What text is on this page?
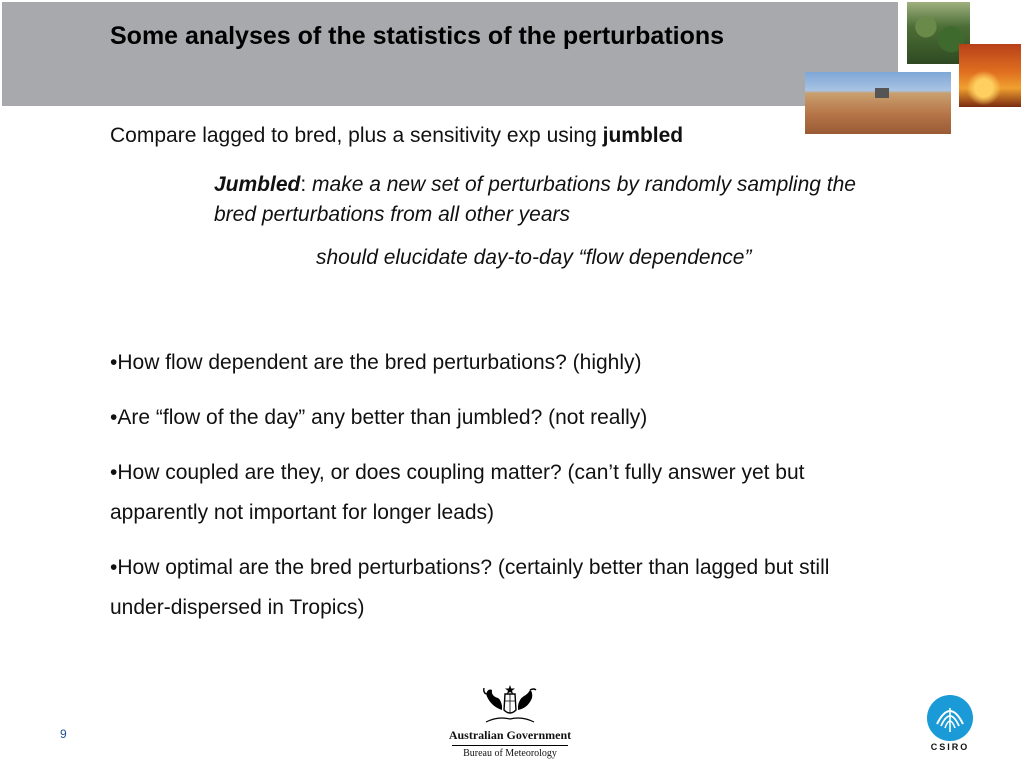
Some analyses of the statistics of the perturbations
Compare lagged to bred, plus a sensitivity exp using jumbled
Jumbled: make a new set of perturbations by randomly sampling the bred perturbations from all other years
should elucidate day-to-day “flow dependence”

•How flow dependent are the bred perturbations? (highly)

•Are “flow of the day” any better than jumbled? (not really)

•How coupled are they, or does coupling matter? (can’t fully answer yet but apparently not important for longer leads)

•How optimal are the bred perturbations? (certainly better than lagged but still under-dispersed in Tropics)

9	Australian Government
Bureau of Meteorology
CSIRO
